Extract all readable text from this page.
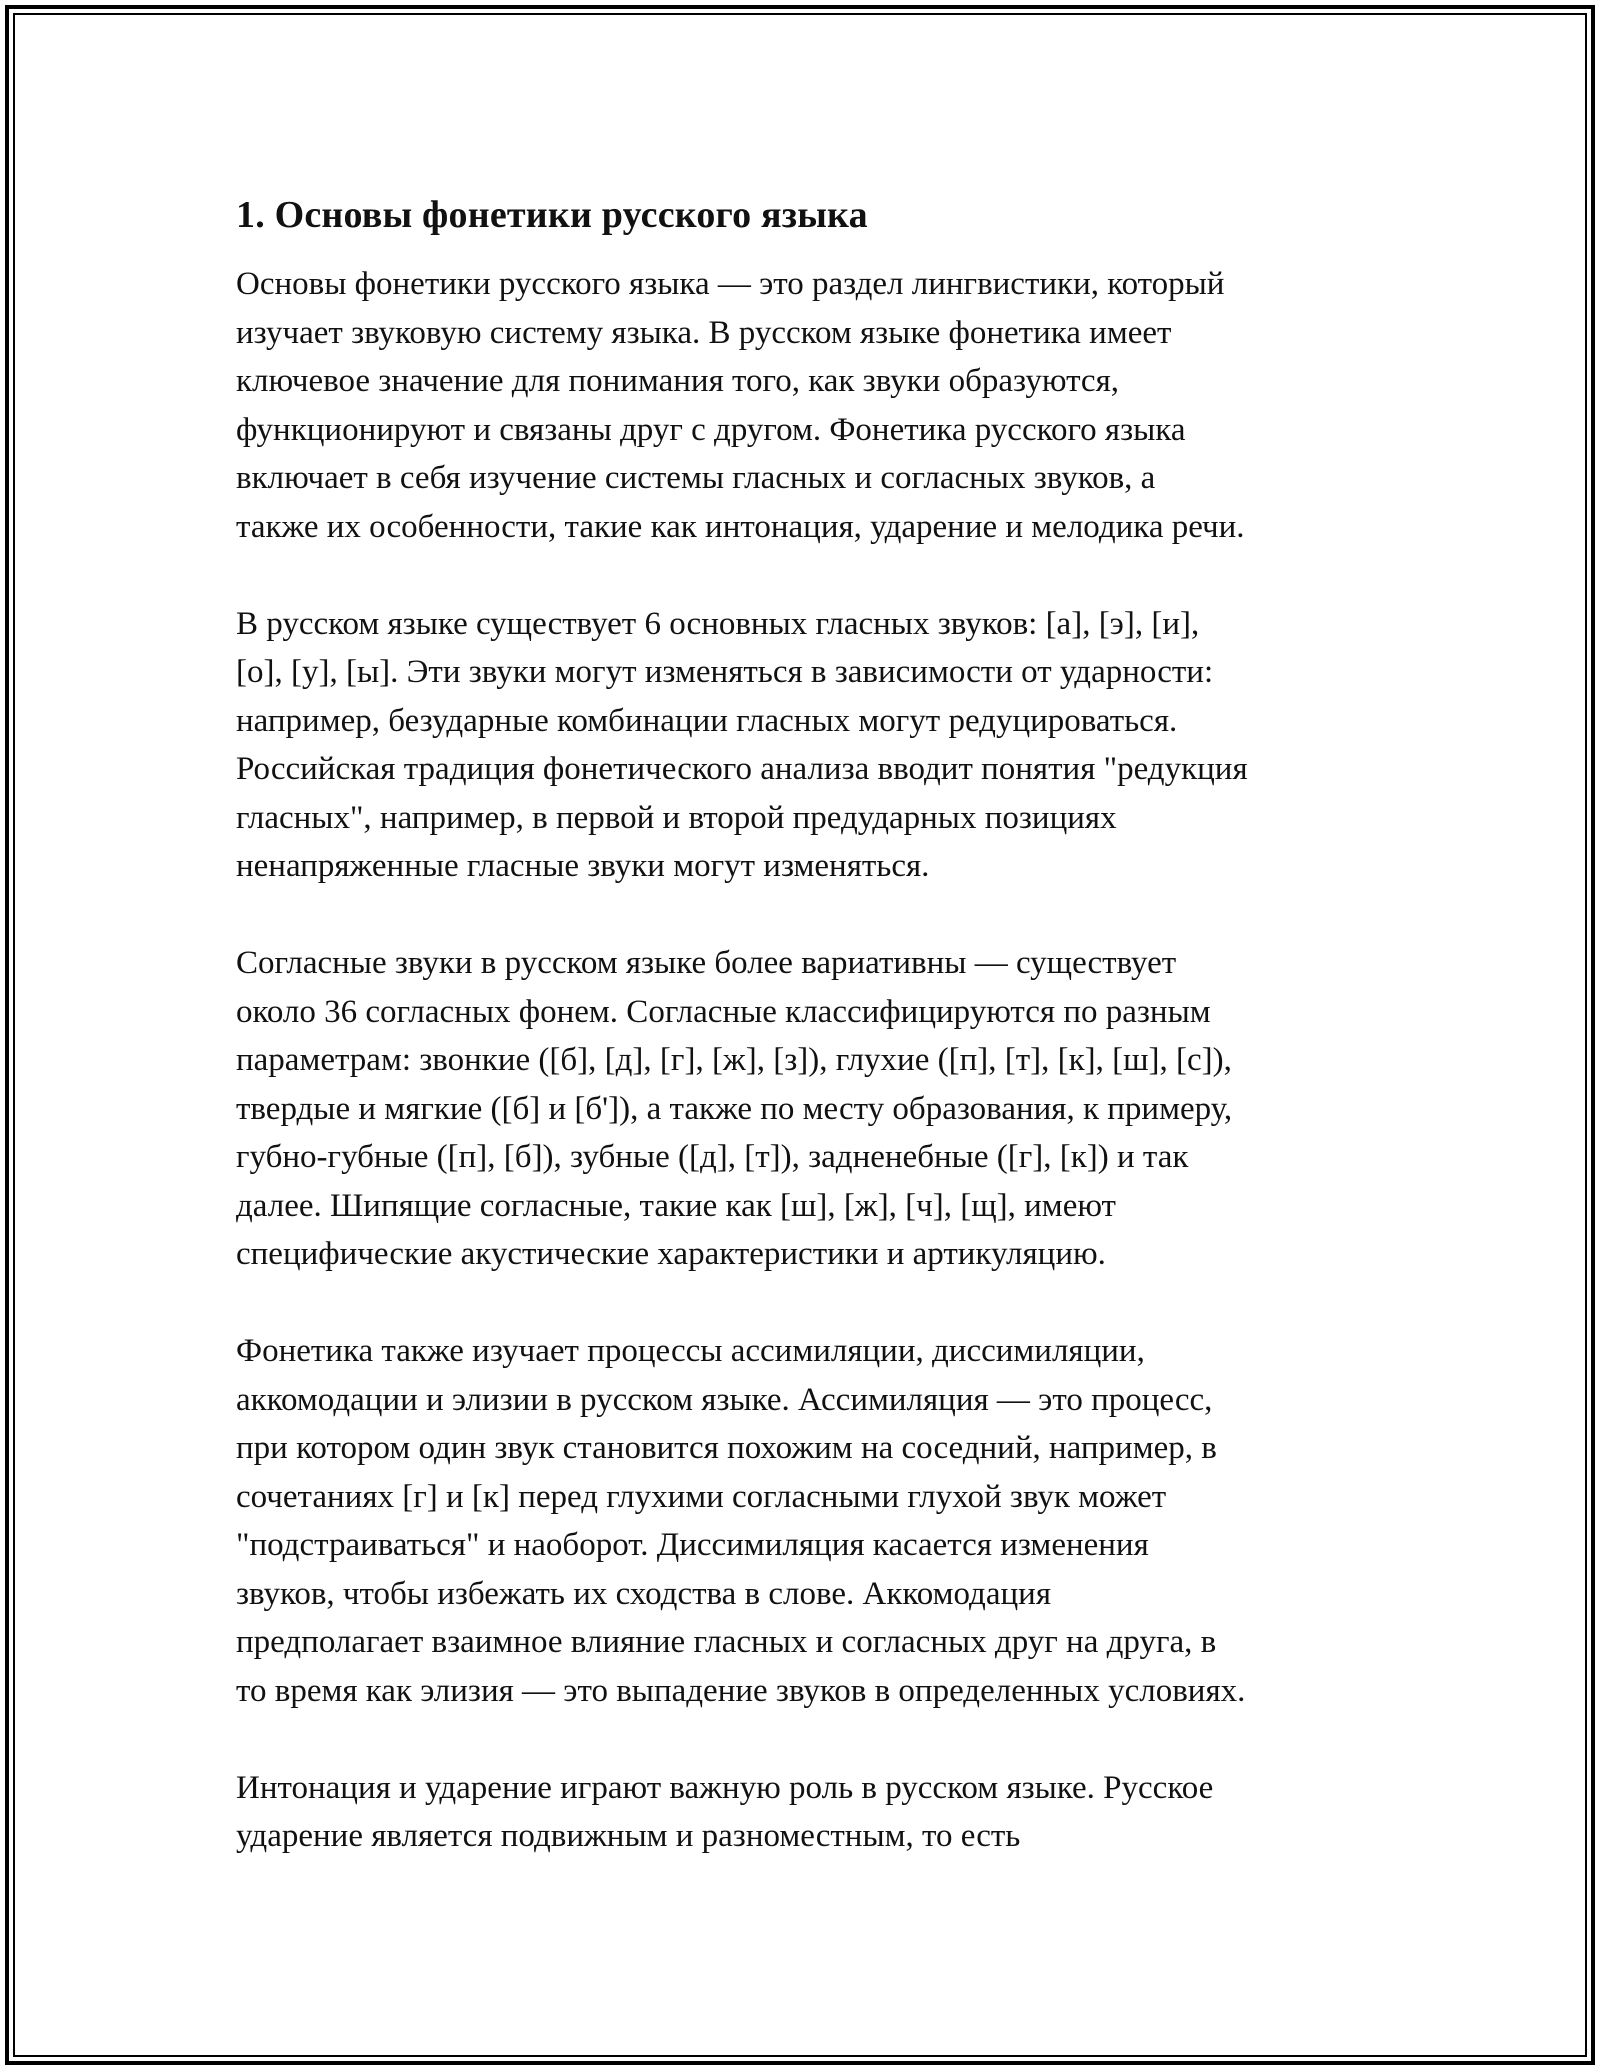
1. Основы фонетики русского языка

Основы фонетики русского языка — это раздел лингвистики, который
изучает звуковую систему языка. В русском языке фонетика имеет
ключевое значение для понимания того, как звуки образуются,
функционируют и связаны друг с другом. Фонетика русского языка
включает в себя изучение системы гласных и согласных звуков, а
также их особенности, такие как интонация, ударение и мелодика речи.

В русском языке существует 6 основных гласных звуков: [а], [э], [и],
[о], [у], [ы]. Эти звуки могут изменяться в зависимости от ударности:
например, безударные комбинации гласных могут редуцироваться.
Российская традиция фонетического анализа вводит понятия "редукция
гласных", например, в первой и второй предударных позициях
ненапряженные гласные звуки могут изменяться.

Согласные звуки в русском языке более вариативны — существует
около 36 согласных фонем. Согласные классифицируются по разным
параметрам: звонкие ([б], [д], [г], [ж], [з]), глухие ([п], [т], [к], [ш], [с]),
твердые и мягкие ([б] и [б']), а также по месту образования, к примеру,
губно-губные ([п], [б]), зубные ([д], [т]), задненебные ([г], [к]) и так
далее. Шипящие согласные, такие как [ш], [ж], [ч], [щ], имеют
специфические акустические характеристики и артикуляцию.

Фонетика также изучает процессы ассимиляции, диссимиляции,
аккомодации и элизии в русском языке. Ассимиляция — это процесс,
при котором один звук становится похожим на соседний, например, в
сочетаниях [г] и [к] перед глухими согласными глухой звук может
"подстраиваться" и наоборот. Диссимиляция касается изменения
звуков, чтобы избежать их сходства в слове. Аккомодация
предполагает взаимное влияние гласных и согласных друг на друга, в
то время как элизия — это выпадение звуков в определенных условиях.

Интонация и ударение играют важную роль в русском языке. Русское
ударение является подвижным и разноместным, то есть
